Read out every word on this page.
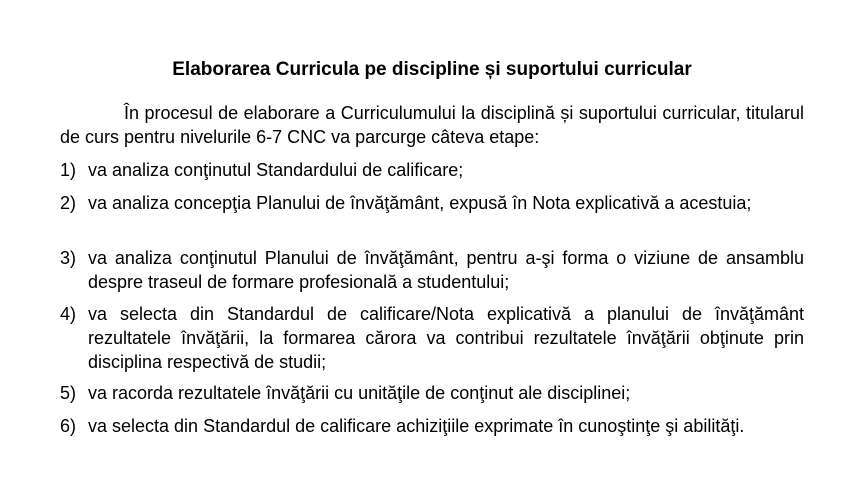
Elaborarea Curricula pe discipline și suportului curricular

În procesul de elaborare a Curriculumului la disciplină și suportului curricular, titularul de curs pentru nivelurile 6-7 CNC va parcurge câteva etape:

1) va analiza conţinutul Standardului de calificare;
2) va analiza concepţia Planului de învăţământ, expusă în Nota explicativă a acestuia;
3) va analiza conţinutul Planului de învăţământ, pentru a-şi forma o viziune de ansamblu despre traseul de formare profesională a studentului;
4) va selecta din Standardul de calificare/Nota explicativă a planului de învăţământ rezultatele învăţării, la formarea cărora va contribui rezultatele învăţării obţinute prin disciplina respectivă de studii;
5) va racorda rezultatele învăţării cu unităţile de conţinut ale disciplinei;
6) va selecta din Standardul de calificare achiziţiile exprimate în cunoştinţe şi abilităţi.
